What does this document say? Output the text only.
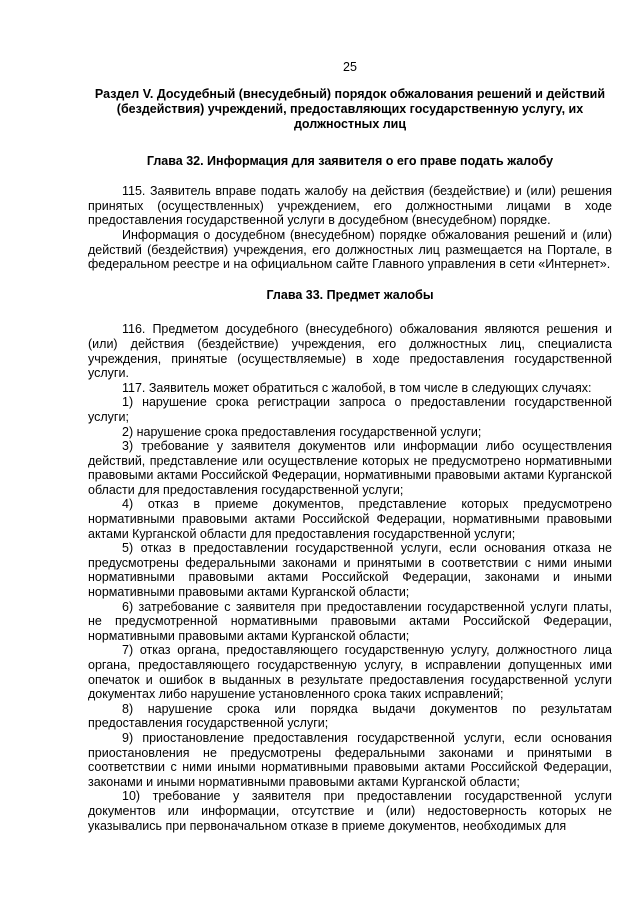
25
Раздел V. Досудебный (внесудебный) порядок обжалования решений и действий (бездействия) учреждений, предоставляющих государственную услугу, их должностных лиц
Глава 32. Информация для заявителя о его праве подать жалобу

115. Заявитель вправе подать жалобу на действия (бездействие) и (или) решения принятых (осуществленных) учреждением, его должностными лицами в ходе предоставления государственной услуги в досудебном (внесудебном) порядке.

Информация о досудебном (внесудебном) порядке обжалования решений и (или) действий (бездействия) учреждения, его должностных лиц размещается на Портале, в федеральном реестре и на официальном сайте Главного управления в сети «Интернет».

Глава 33. Предмет жалобы

116. Предметом досудебного (внесудебного) обжалования являются решения и (или) действия (бездействие) учреждения, его должностных лиц, специалиста учреждения, принятые (осуществляемые) в ходе предоставления государственной услуги.

117. Заявитель может обратиться с жалобой, в том числе в следующих случаях:

1) нарушение срока регистрации запроса о предоставлении государственной услуги;

2) нарушение срока предоставления государственной услуги;

3) требование у заявителя документов или информации либо осуществления действий, представление или осуществление которых не предусмотрено нормативными правовыми актами Российской Федерации, нормативными правовыми актами Курганской области для предоставления государственной услуги;

4) отказ в приеме документов, представление которых предусмотрено нормативными правовыми актами Российской Федерации, нормативными правовыми актами Курганской области для предоставления государственной услуги;

5) отказ в предоставлении государственной услуги, если основания отказа не предусмотрены федеральными законами и принятыми в соответствии с ними иными нормативными правовыми актами Российской Федерации, законами и иными нормативными правовыми актами Курганской области;

6) затребование с заявителя при предоставлении государственной услуги платы, не предусмотренной нормативными правовыми актами Российской Федерации, нормативными правовыми актами Курганской области;

7) отказ органа, предоставляющего государственную услугу, должностного лица органа, предоставляющего государственную услугу, в исправлении допущенных ими опечаток и ошибок в выданных в результате предоставления государственной услуги документах либо нарушение установленного срока таких исправлений;

8) нарушение срока или порядка выдачи документов по результатам предоставления государственной услуги;

9) приостановление предоставления государственной услуги, если основания приостановления не предусмотрены федеральными законами и принятыми в соответствии с ними иными нормативными правовыми актами Российской Федерации, законами и иными нормативными правовыми актами Курганской области;

10) требование у заявителя при предоставлении государственной услуги документов или информации, отсутствие и (или) недостоверность которых не указывались при первоначальном отказе в приеме документов, необходимых для
